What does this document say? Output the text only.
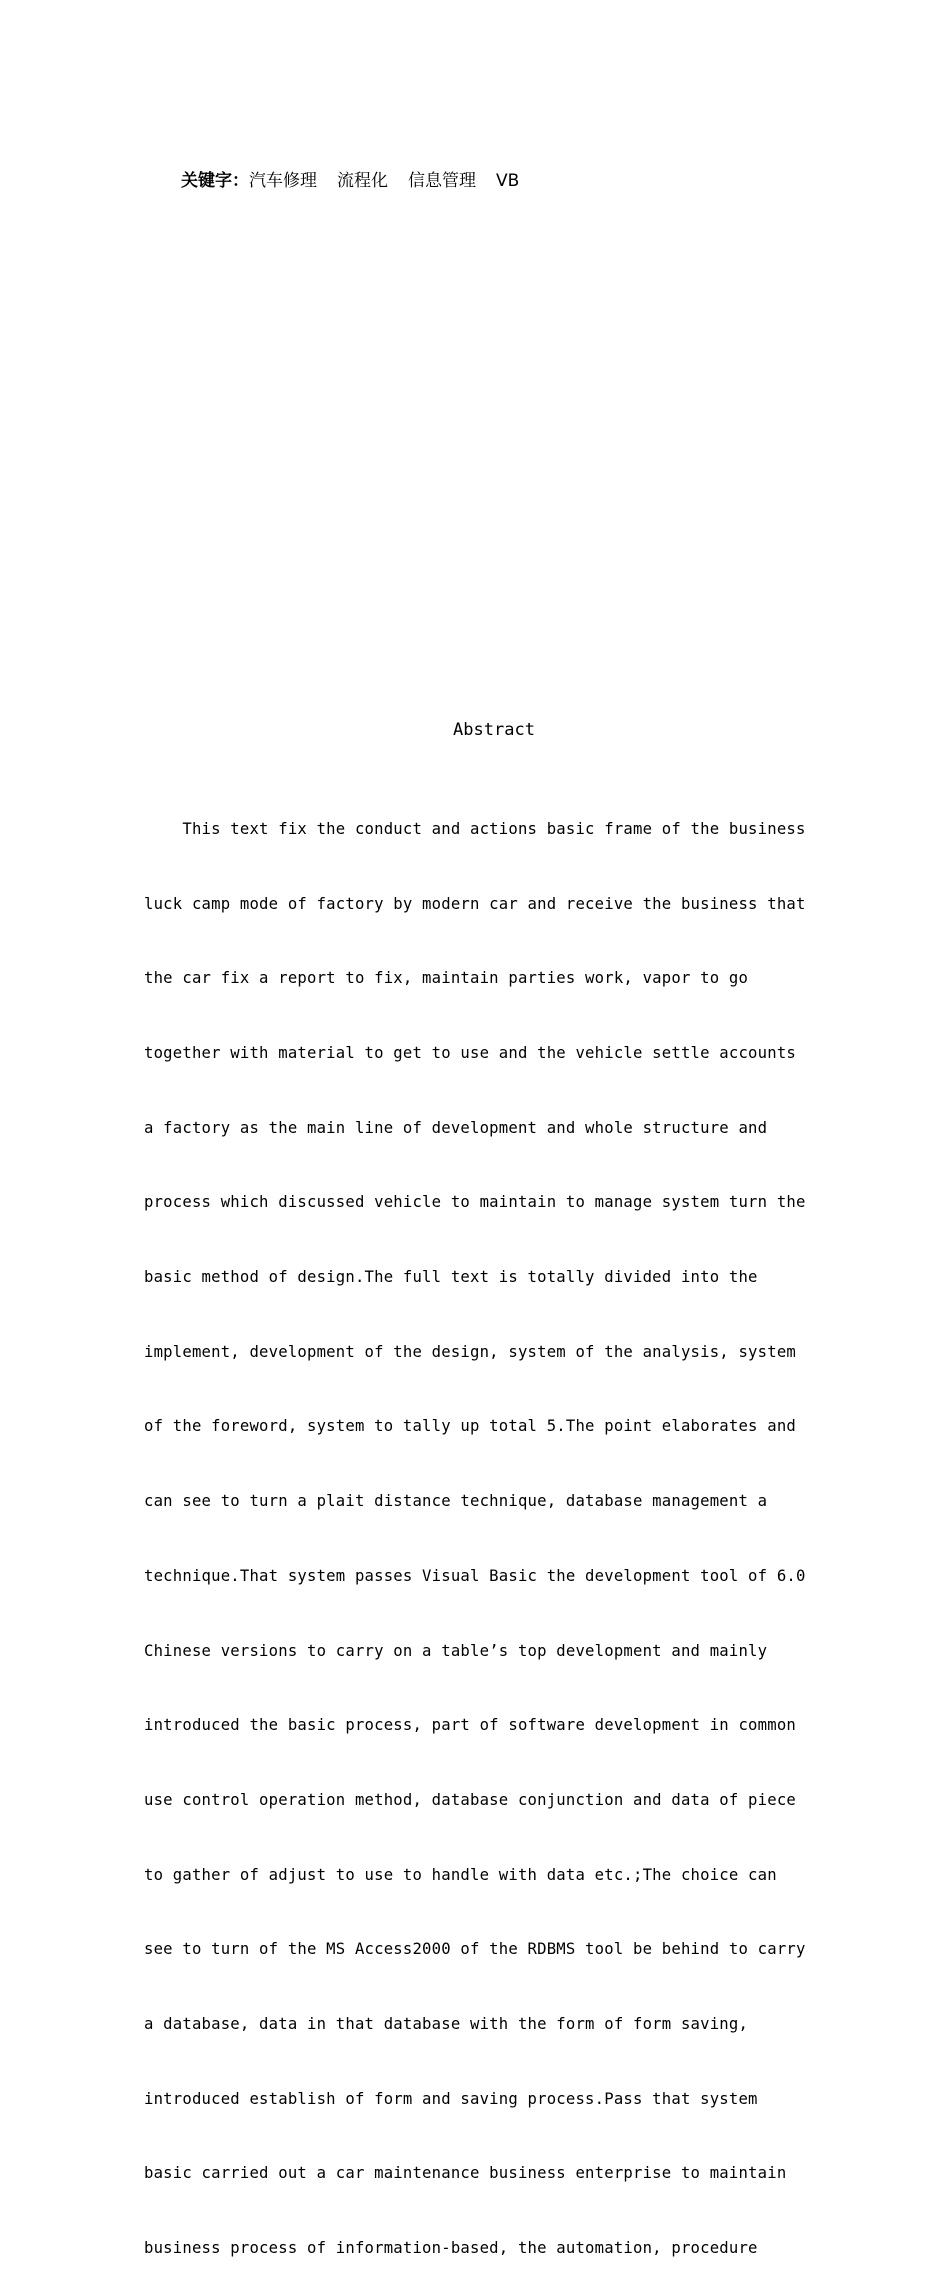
关键字：汽车修理 流程化 信息管理 VB
Abstract

This text fix the conduct and actions basic frame of the business

luck camp mode of factory by modern car and receive the business that

the car fix a report to fix, maintain parties work, vapor to go

together with material to get to use and the vehicle settle accounts

a factory as the main line of development and whole structure and

process which discussed vehicle to maintain to manage system turn the

basic method of design.The full text is totally divided into the

implement, development of the design, system of the analysis, system

of the foreword, system to tally up total 5.The point elaborates and

can see to turn a plait distance technique, database management a

technique.That system passes Visual Basic the development tool of 6.0

Chinese versions to carry on a table’s top development and mainly

introduced the basic process, part of software development in common

use control operation method, database conjunction and data of piece

to gather of adjust to use to handle with data etc.;The choice can

see to turn of the MS Access2000 of the RDBMS tool be behind to carry

a database, data in that database with the form of form saving,

introduced establish of form and saving process.Pass that system

basic carried out a car maintenance business enterprise to maintain

business process of information-based, the automation, procedure
